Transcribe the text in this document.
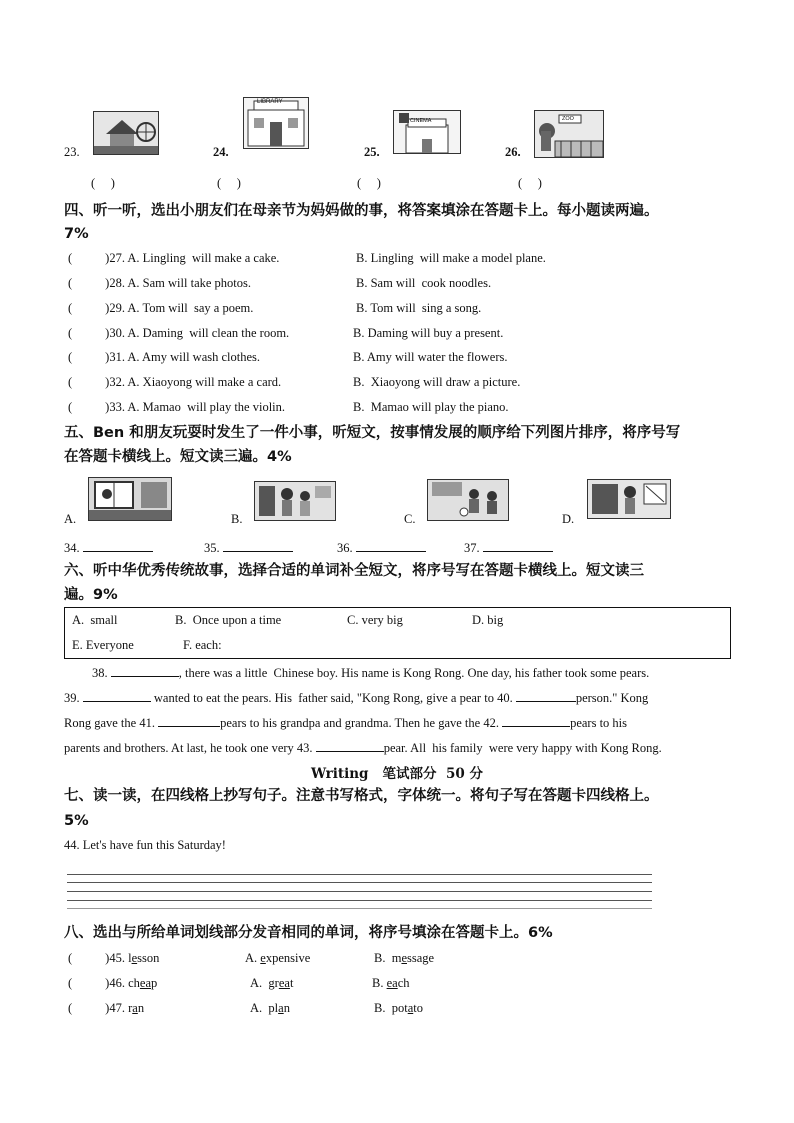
23.
LIBRARY
24.
CINEMA
25.
ZOO
26.
(     )	(     )	(     )	(     )
四、听一听，选出小朋友们在母亲节为妈妈做的事，将答案填涂在答题卡上。每小题读两遍。
7%
(	)27. A. Lingling  will make a cake.	B. Lingling  will make a model plane.
(	)28. A. Sam will take photos.	B. Sam will  cook noodles.
(	)29. A. Tom will  say a poem.	B. Tom will  sing a song.
(	)30. A. Daming  will clean the room.	B. Daming will buy a present.
(	)31. A. Amy will wash clothes.	B. Amy will water the flowers.
(	)32. A. Xiaoyong will make a card.	B.  Xiaoyong will draw a picture.
(	)33. A. Mamao  will play the violin.	B.  Mamao will play the piano.
五、Ben 和朋友玩耍时发生了一件小事，听短文，按事情发展的顺序给下列图片排序，将序号写
在答题卡横线上。短文读三遍。4%
A.	B.	C.	D.
34.	35.	36.	37.
六、听中华优秀传统故事，选择合适的单词补全短文，将序号写在答题卡横线上。短文读三
遍。9%
A.  small	B.  Once upon a time	C. very big	D. big
E. Everyone	F. each:
38.	, there was a little  Chinese boy. His name is Kong Rong. One day, his father took some pears.
39.	wanted to eat the pears. His  father said, "Kong Rong, give a pear to 40.	person." Kong
Rong gave the 41.	pears to his grandpa and grandma. Then he gave the 42.	pears to his
parents and brothers. At last, he took one very 43.	pear. All  his family  were very happy with Kong Rong.
Writing   笔试部分  50 分
七、读一读，在四线格上抄写句子。注意书写格式，字体统一。将句子写在答题卡四线格上。
5%
44. Let's have fun this Saturday!
八、选出与所给单词划线部分发音相同的单词，将序号填涂在答题卡上。6%
(	)45. lesson	A. expensive	B.  message
(	)46. cheap	A.  great	B. each
(	)47. ran	A.  plan	B.  potato
